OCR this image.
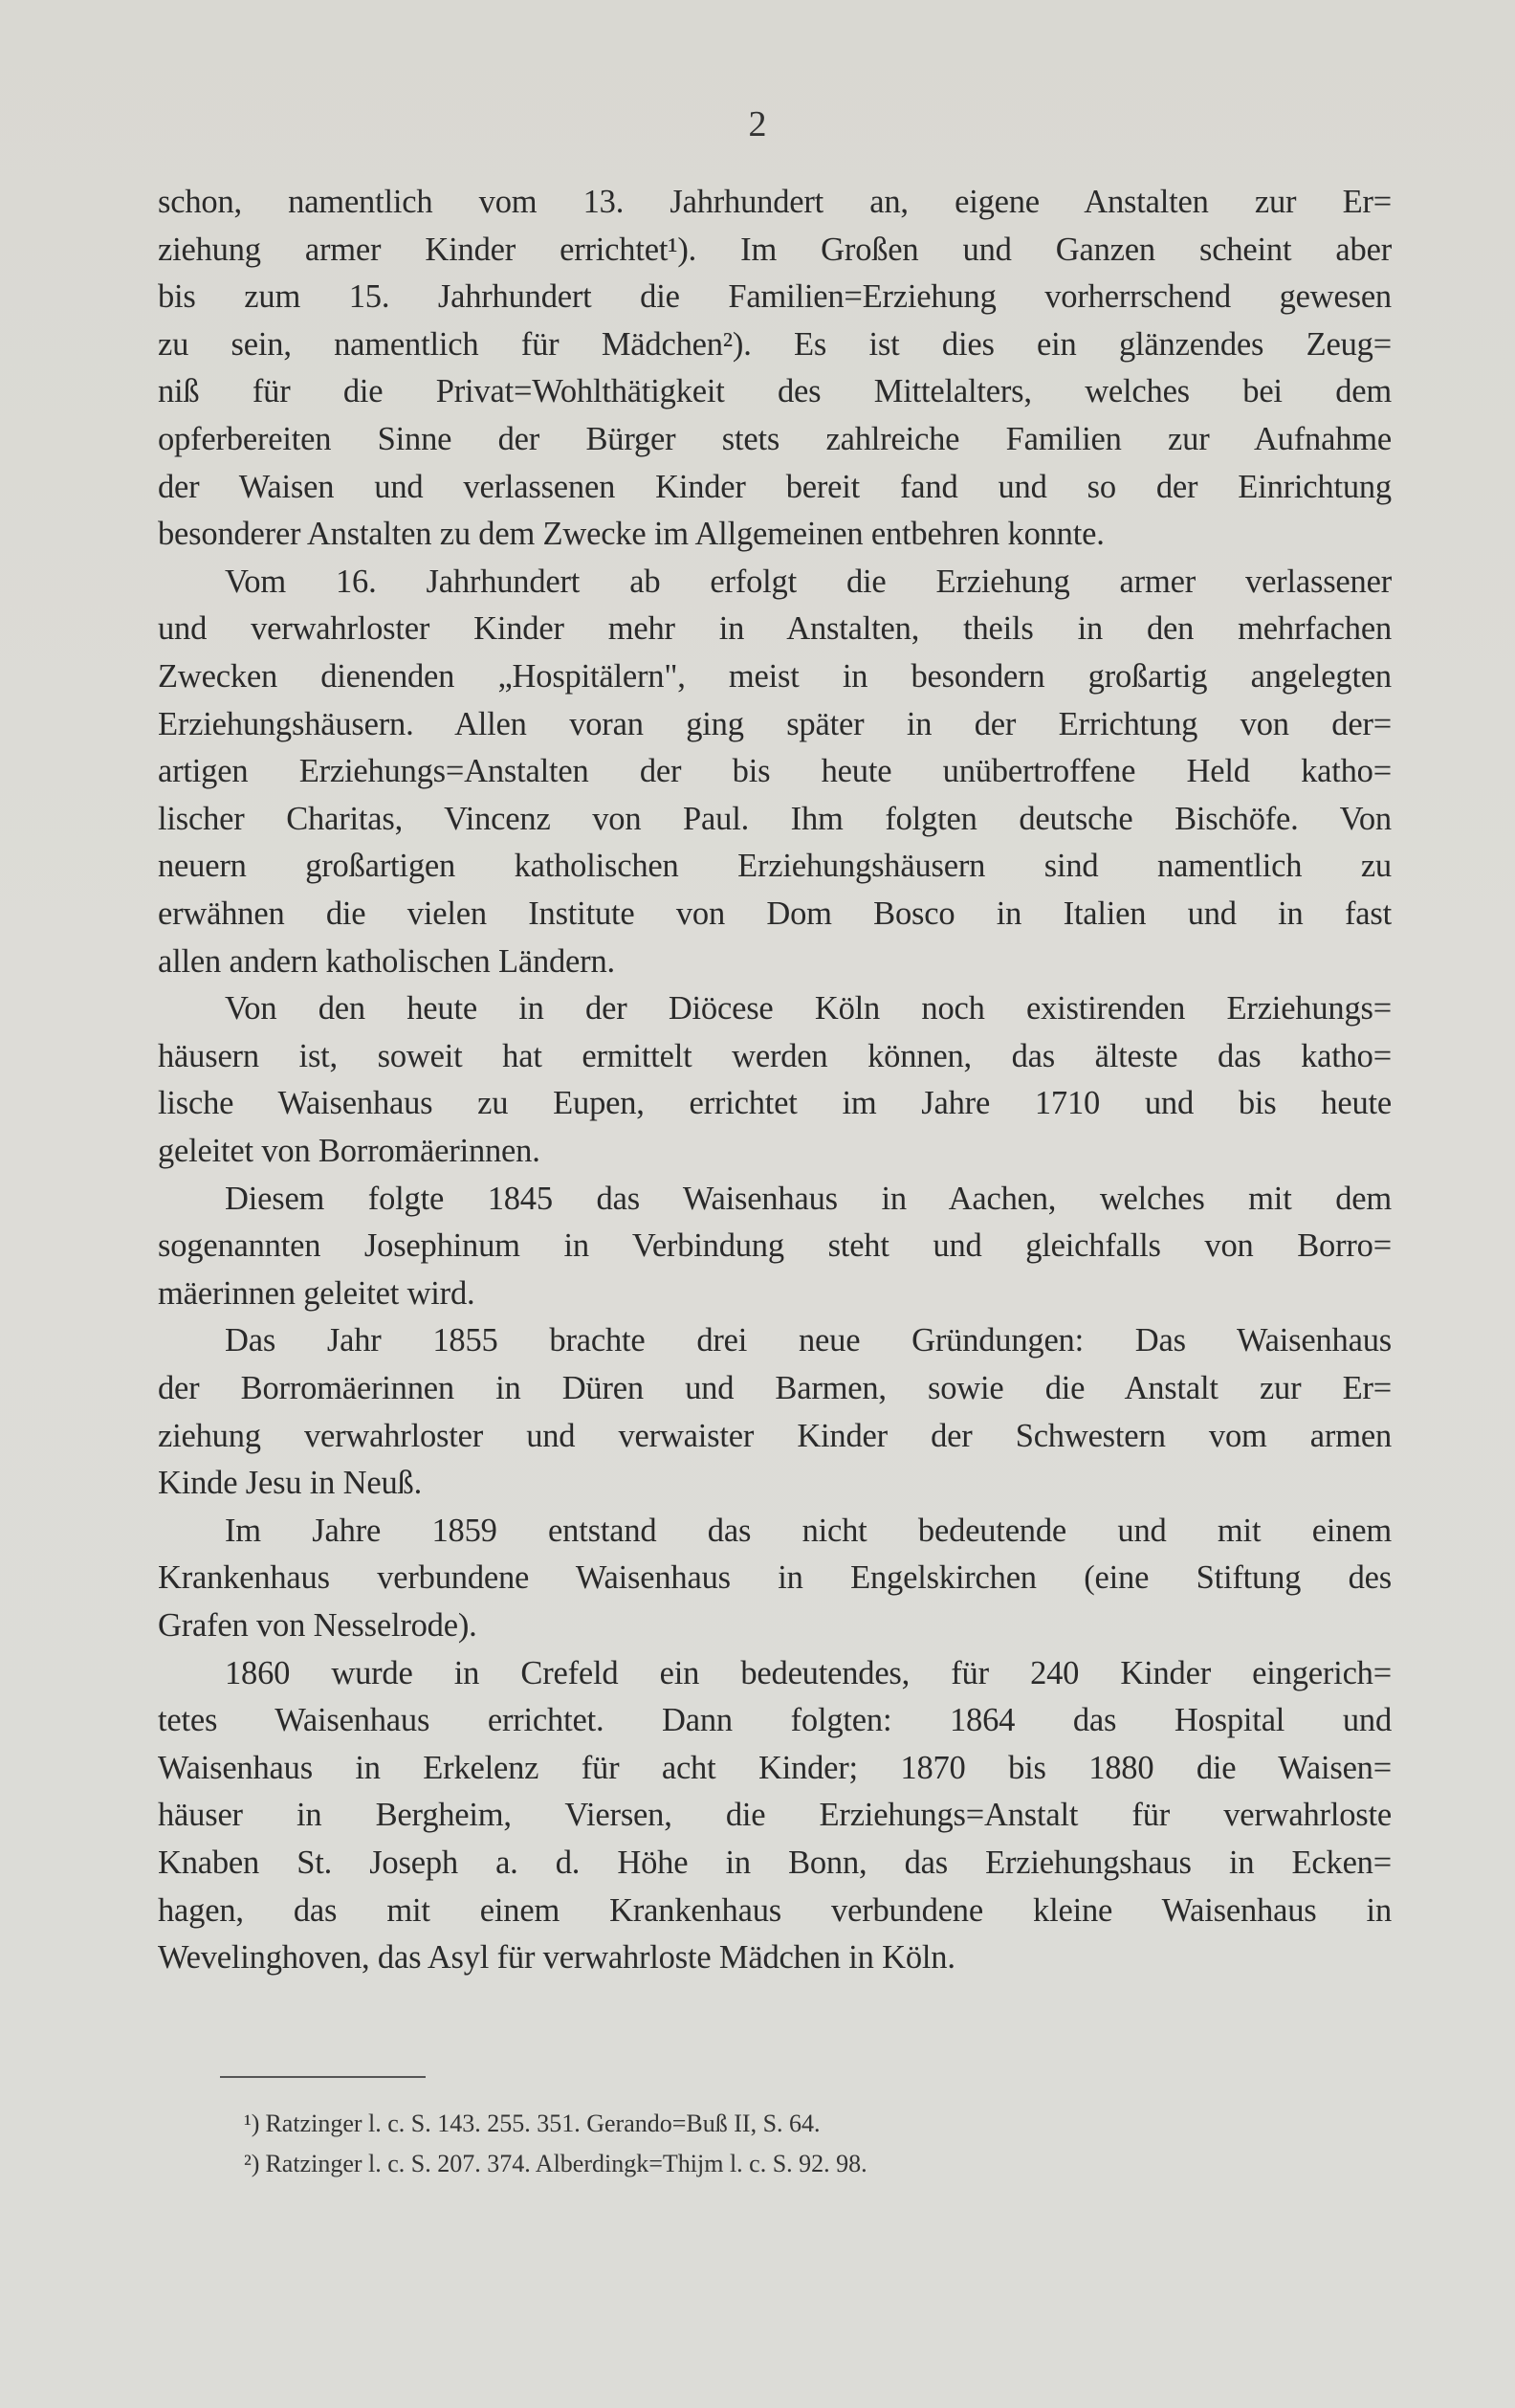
2
schon, namentlich vom 13. Jahrhundert an, eigene Anstalten zur Er=
ziehung armer Kinder errichtet¹). Im Großen und Ganzen scheint aber
bis zum 15. Jahrhundert die Familien=Erziehung vorherrschend gewesen
zu sein, namentlich für Mädchen²). Es ist dies ein glänzendes Zeug=
niß für die Privat=Wohlthätigkeit des Mittelalters, welches bei dem
opferbereiten Sinne der Bürger stets zahlreiche Familien zur Aufnahme
der Waisen und verlassenen Kinder bereit fand und so der Einrichtung
besonderer Anstalten zu dem Zwecke im Allgemeinen entbehren konnte.
Vom 16. Jahrhundert ab erfolgt die Erziehung armer verlassener
und verwahrloster Kinder mehr in Anstalten, theils in den mehrfachen
Zwecken dienenden „Hospitälern", meist in besondern großartig angelegten
Erziehungshäusern. Allen voran ging später in der Errichtung von der=
artigen Erziehungs=Anstalten der bis heute unübertroffene Held katho=
lischer Charitas, Vincenz von Paul. Ihm folgten deutsche Bischöfe. Von
neuern großartigen katholischen Erziehungshäusern sind namentlich zu
erwähnen die vielen Institute von Dom Bosco in Italien und in fast
allen andern katholischen Ländern.
Von den heute in der Diöcese Köln noch existirenden Erziehungs=
häusern ist, soweit hat ermittelt werden können, das älteste das katho=
lische Waisenhaus zu Eupen, errichtet im Jahre 1710 und bis heute
geleitet von Borromäerinnen.
Diesem folgte 1845 das Waisenhaus in Aachen, welches mit dem
sogenannten Josephinum in Verbindung steht und gleichfalls von Borro=
mäerinnen geleitet wird.
Das Jahr 1855 brachte drei neue Gründungen: Das Waisenhaus
der Borromäerinnen in Düren und Barmen, sowie die Anstalt zur Er=
ziehung verwahrloster und verwaister Kinder der Schwestern vom armen
Kinde Jesu in Neuß.
Im Jahre 1859 entstand das nicht bedeutende und mit einem
Krankenhaus verbundene Waisenhaus in Engelskirchen (eine Stiftung des
Grafen von Nesselrode).
1860 wurde in Crefeld ein bedeutendes, für 240 Kinder eingerich=
tetes Waisenhaus errichtet. Dann folgten: 1864 das Hospital und
Waisenhaus in Erkelenz für acht Kinder; 1870 bis 1880 die Waisen=
häuser in Bergheim, Viersen, die Erziehungs=Anstalt für verwahrloste
Knaben St. Joseph a. d. Höhe in Bonn, das Erziehungshaus in Ecken=
hagen, das mit einem Krankenhaus verbundene kleine Waisenhaus in
Wevelinghoven, das Asyl für verwahrloste Mädchen in Köln.
¹) Ratzinger l. c. S. 143. 255. 351. Gerando=Buß II, S. 64.
²) Ratzinger l. c. S. 207. 374. Alberdingk=Thijm l. c. S. 92. 98.
